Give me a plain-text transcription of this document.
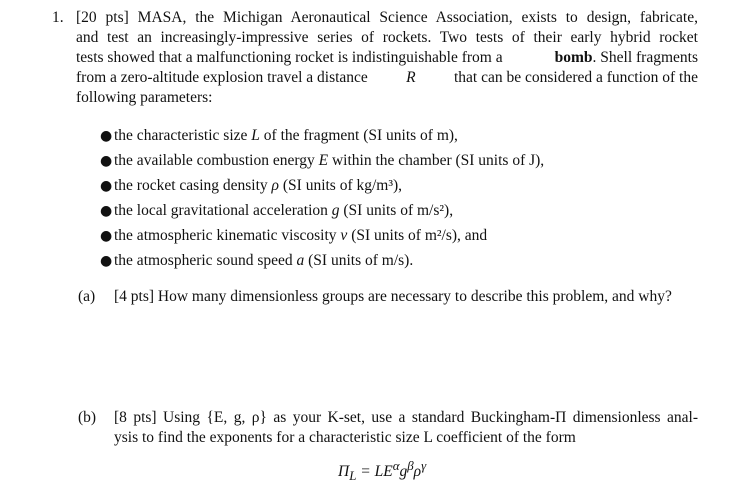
1. [20 pts] MASA, the Michigan Aeronautical Science Association, exists to design, fabricate,
and test an increasingly-impressive series of rockets. Two tests of their early hybrid rocket
tests showed that a malfunctioning rocket is indistinguishable from a	bomb. Shell fragments
from a zero-altitude explosion travel a distance R that can be considered a function of the
following parameters:
● the characteristic size L of the fragment (SI units of m),
● the available combustion energy E within the chamber (SI units of J),
● the rocket casing density ρ (SI units of kg/m³),
● the local gravitational acceleration g (SI units of m/s²),
● the atmospheric kinematic viscosity ν (SI units of m²/s), and
● the atmospheric sound speed a (SI units of m/s).
(a) [4 pts] How many dimensionless groups are necessary to describe this problem, and why?
(b) [8 pts] Using {E, g, ρ} as your K-set, use a standard Buckingham-Π dimensionless anal-
ysis to find the exponents for a characteristic size L coefficient of the form
$\Pi_L = LE^\alpha g^\beta\rho^\gamma$
